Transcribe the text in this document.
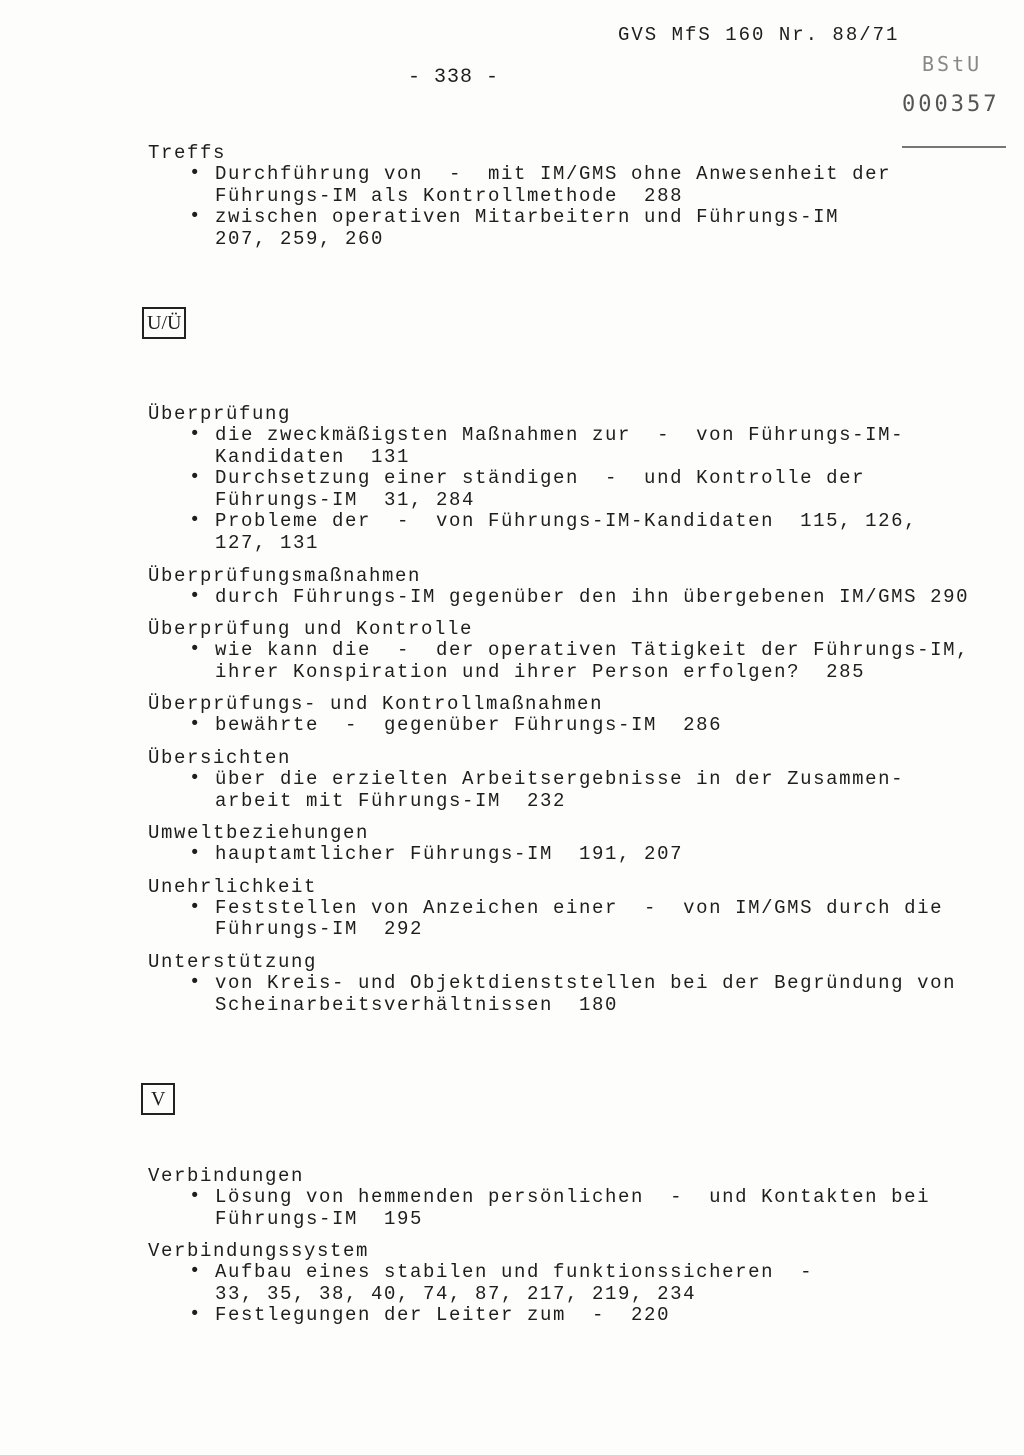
GVS MfS 160 Nr. 88/71
- 338 -
BStU
000357
Treffs
• Durchführung von  -  mit IM/GMS ohne Anwesenheit der
Führungs-IM als Kontrollmethode  288
• zwischen operativen Mitarbeitern und Führungs-IM
207, 259, 260
U/Ü
Überprüfung
• die zweckmäßigsten Maßnahmen zur  -  von Führungs-IM-
Kandidaten  131
• Durchsetzung einer ständigen  -  und Kontrolle der
Führungs-IM  31, 284
• Probleme der  -  von Führungs-IM-Kandidaten  115, 126,
127, 131
Überprüfungsmaßnahmen
• durch Führungs-IM gegenüber den ihn übergebenen IM/GMS 290
Überprüfung und Kontrolle
• wie kann die  -  der operativen Tätigkeit der Führungs-IM,
ihrer Konspiration und ihrer Person erfolgen?  285
Überprüfungs- und Kontrollmaßnahmen
• bewährte  -  gegenüber Führungs-IM  286
Übersichten
• über die erzielten Arbeitsergebnisse in der Zusammen-
arbeit mit Führungs-IM  232
Umweltbeziehungen
• hauptamtlicher Führungs-IM  191, 207
Unehrlichkeit
• Feststellen von Anzeichen einer  -  von IM/GMS durch die
Führungs-IM  292
Unterstützung
• von Kreis- und Objektdienststellen bei der Begründung von
Scheinarbeitsverhältnissen  180
V
Verbindungen
• Lösung von hemmenden persönlichen  -  und Kontakten bei
Führungs-IM  195
Verbindungssystem
• Aufbau eines stabilen und funktionssicheren  -
33, 35, 38, 40, 74, 87, 217, 219, 234
• Festlegungen der Leiter zum  -  220
